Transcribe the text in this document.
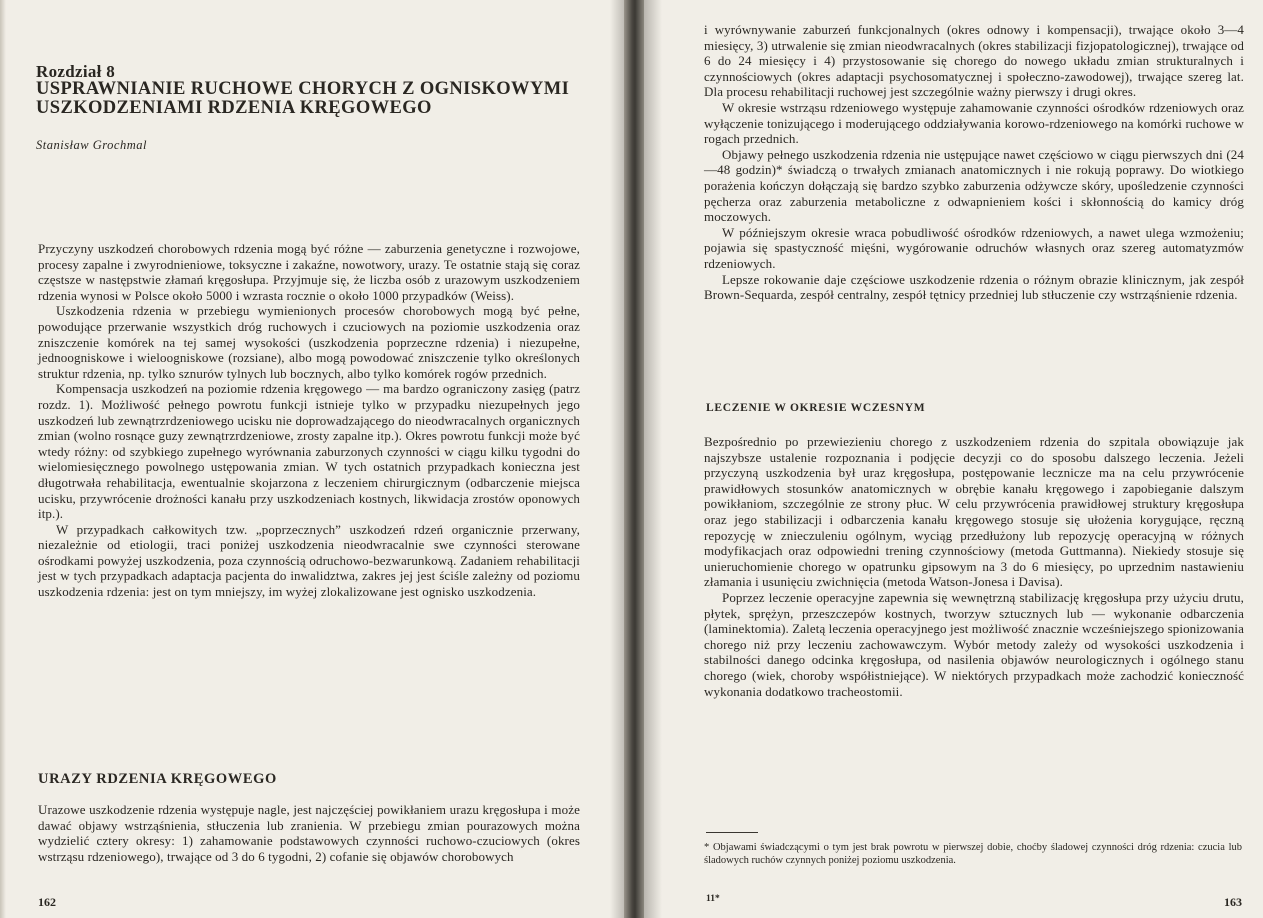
Rozdział 8
USPRAWNIANIE RUCHOWE CHORYCH Z OGNISKOWYMI
USZKODZENIAMI RDZENIA KRĘGOWEGO
Stanisław Grochmal

Przyczyny uszkodzeń chorobowych rdzenia mogą być różne — zaburzenia genetyczne i rozwojowe, procesy zapalne i zwyrodnieniowe, toksyczne i zakaźne, nowotwory, urazy. Te ostatnie stają się coraz częstsze w następstwie złamań kręgosłupa. Przyjmuje się, że liczba osób z urazowym uszkodzeniem rdzenia wynosi w Polsce około 5000 i wzrasta rocznie o około 1000 przypadków (Weiss).

Uszkodzenia rdzenia w przebiegu wymienionych procesów chorobowych mogą być pełne, powodujące przerwanie wszystkich dróg ruchowych i czuciowych na poziomie uszkodzenia oraz zniszczenie komórek na tej samej wysokości (uszkodzenia poprzeczne rdzenia) i niezupełne, jednoogniskowe i wieloogniskowe (rozsiane), albo mogą powodować zniszczenie tylko określonych struktur rdzenia, np. tylko sznurów tylnych lub bocznych, albo tylko komórek rogów przednich.

Kompensacja uszkodzeń na poziomie rdzenia kręgowego — ma bardzo ograniczony zasięg (patrz rozdz. 1). Możliwość pełnego powrotu funkcji istnieje tylko w przypadku niezupełnych jego uszkodzeń lub zewnątrzrdzeniowego ucisku nie doprowadzającego do nieodwracalnych organicznych zmian (wolno rosnące guzy zewnątrzrdzeniowe, zrosty zapalne itp.). Okres powrotu funkcji może być wtedy różny: od szybkiego zupełnego wyrównania zaburzonych czynności w ciągu kilku tygodni do wielomiesięcznego powolnego ustępowania zmian. W tych ostatnich przypadkach konieczna jest długotrwała rehabilitacja, ewentualnie skojarzona z leczeniem chirurgicznym (odbarczenie miejsca ucisku, przywrócenie drożności kanału przy uszkodzeniach kostnych, likwidacja zrostów oponowych itp.).

W przypadkach całkowitych tzw. „poprzecznych” uszkodzeń rdzeń organicznie przerwany, niezależnie od etiologii, traci poniżej uszkodzenia nieodwracalnie swe czynności sterowane ośrodkami powyżej uszkodzenia, poza czynnością odruchowo-bezwarunkową. Zadaniem rehabilitacji jest w tych przypadkach adaptacja pacjenta do inwalidztwa, zakres jej jest ściśle zależny od poziomu uszkodzenia rdzenia: jest on tym mniejszy, im wyżej zlokalizowane jest ognisko uszkodzenia.

URAZY RDZENIA KRĘGOWEGO

Urazowe uszkodzenie rdzenia występuje nagle, jest najczęściej powikłaniem urazu kręgosłupa i może dawać objawy wstrząśnienia, stłuczenia lub zranienia. W przebiegu zmian pourazowych można wydzielić cztery okresy: 1) zahamowanie podstawowych czynności ruchowo-czuciowych (okres wstrząsu rdzeniowego), trwające od 3 do 6 tygodni, 2) cofanie się objawów chorobowych

162

i wyrównywanie zaburzeń funkcjonalnych (okres odnowy i kompensacji), trwające około 3—4 miesięcy, 3) utrwalenie się zmian nieodwracalnych (okres stabilizacji fizjopatologicznej), trwające od 6 do 24 miesięcy i 4) przystosowanie się chorego do nowego układu zmian strukturalnych i czynnościowych (okres adaptacji psychosomatycznej i społeczno-zawodowej), trwające szereg lat. Dla procesu rehabilitacji ruchowej jest szczególnie ważny pierwszy i drugi okres.

W okresie wstrząsu rdzeniowego występuje zahamowanie czynności ośrodków rdzeniowych oraz wyłączenie tonizującego i moderującego oddziaływania korowo-rdzeniowego na komórki ruchowe w rogach przednich.

Objawy pełnego uszkodzenia rdzenia nie ustępujące nawet częściowo w ciągu pierwszych dni (24—48 godzin)* świadczą o trwałych zmianach anatomicznych i nie rokują poprawy. Do wiotkiego porażenia kończyn dołączają się bardzo szybko zaburzenia odżywcze skóry, upośledzenie czynności pęcherza oraz zaburzenia metaboliczne z odwapnieniem kości i skłonnością do kamicy dróg moczowych.

W późniejszym okresie wraca pobudliwość ośrodków rdzeniowych, a nawet ulega wzmożeniu; pojawia się spastyczność mięśni, wygórowanie odruchów własnych oraz szereg automatyzmów rdzeniowych.

Lepsze rokowanie daje częściowe uszkodzenie rdzenia o różnym obrazie klinicznym, jak zespół Brown-Sequarda, zespół centralny, zespół tętnicy przedniej lub stłuczenie czy wstrząśnienie rdzenia.

LECZENIE W OKRESIE WCZESNYM

Bezpośrednio po przewiezieniu chorego z uszkodzeniem rdzenia do szpitala obowiązuje jak najszybsze ustalenie rozpoznania i podjęcie decyzji co do sposobu dalszego leczenia. Jeżeli przyczyną uszkodzenia był uraz kręgosłupa, postępowanie lecznicze ma na celu przywrócenie prawidłowych stosunków anatomicznych w obrębie kanału kręgowego i zapobieganie dalszym powikłaniom, szczególnie ze strony płuc. W celu przywrócenia prawidłowej struktury kręgosłupa oraz jego stabilizacji i odbarczenia kanału kręgowego stosuje się ułożenia korygujące, ręczną repozycję w znieczuleniu ogólnym, wyciąg przedłużony lub repozycję operacyjną w różnych modyfikacjach oraz odpowiedni trening czynnościowy (metoda Guttmanna). Niekiedy stosuje się unieruchomienie chorego w opatrunku gipsowym na 3 do 6 miesięcy, po uprzednim nastawieniu złamania i usunięciu zwichnięcia (metoda Watson-Jonesa i Davisa).

Poprzez leczenie operacyjne zapewnia się wewnętrzną stabilizację kręgosłupa przy użyciu drutu, płytek, sprężyn, przeszczepów kostnych, tworzyw sztucznych lub — wykonanie odbarczenia (laminektomia). Zaletą leczenia operacyjnego jest możliwość znacznie wcześniejszego spionizowania chorego niż przy leczeniu zachowawczym. Wybór metody zależy od wysokości uszkodzenia i stabilności danego odcinka kręgosłupa, od nasilenia objawów neurologicznych i ogólnego stanu chorego (wiek, choroby współistniejące). W niektórych przypadkach może zachodzić konieczność wykonania dodatkowo tracheostomii.

* Objawami świadczącymi o tym jest brak powrotu w pierwszej dobie, choćby śladowej czynności dróg rdzenia: czucia lub śladowych ruchów czynnych poniżej poziomu uszkodzenia.
11*	163
